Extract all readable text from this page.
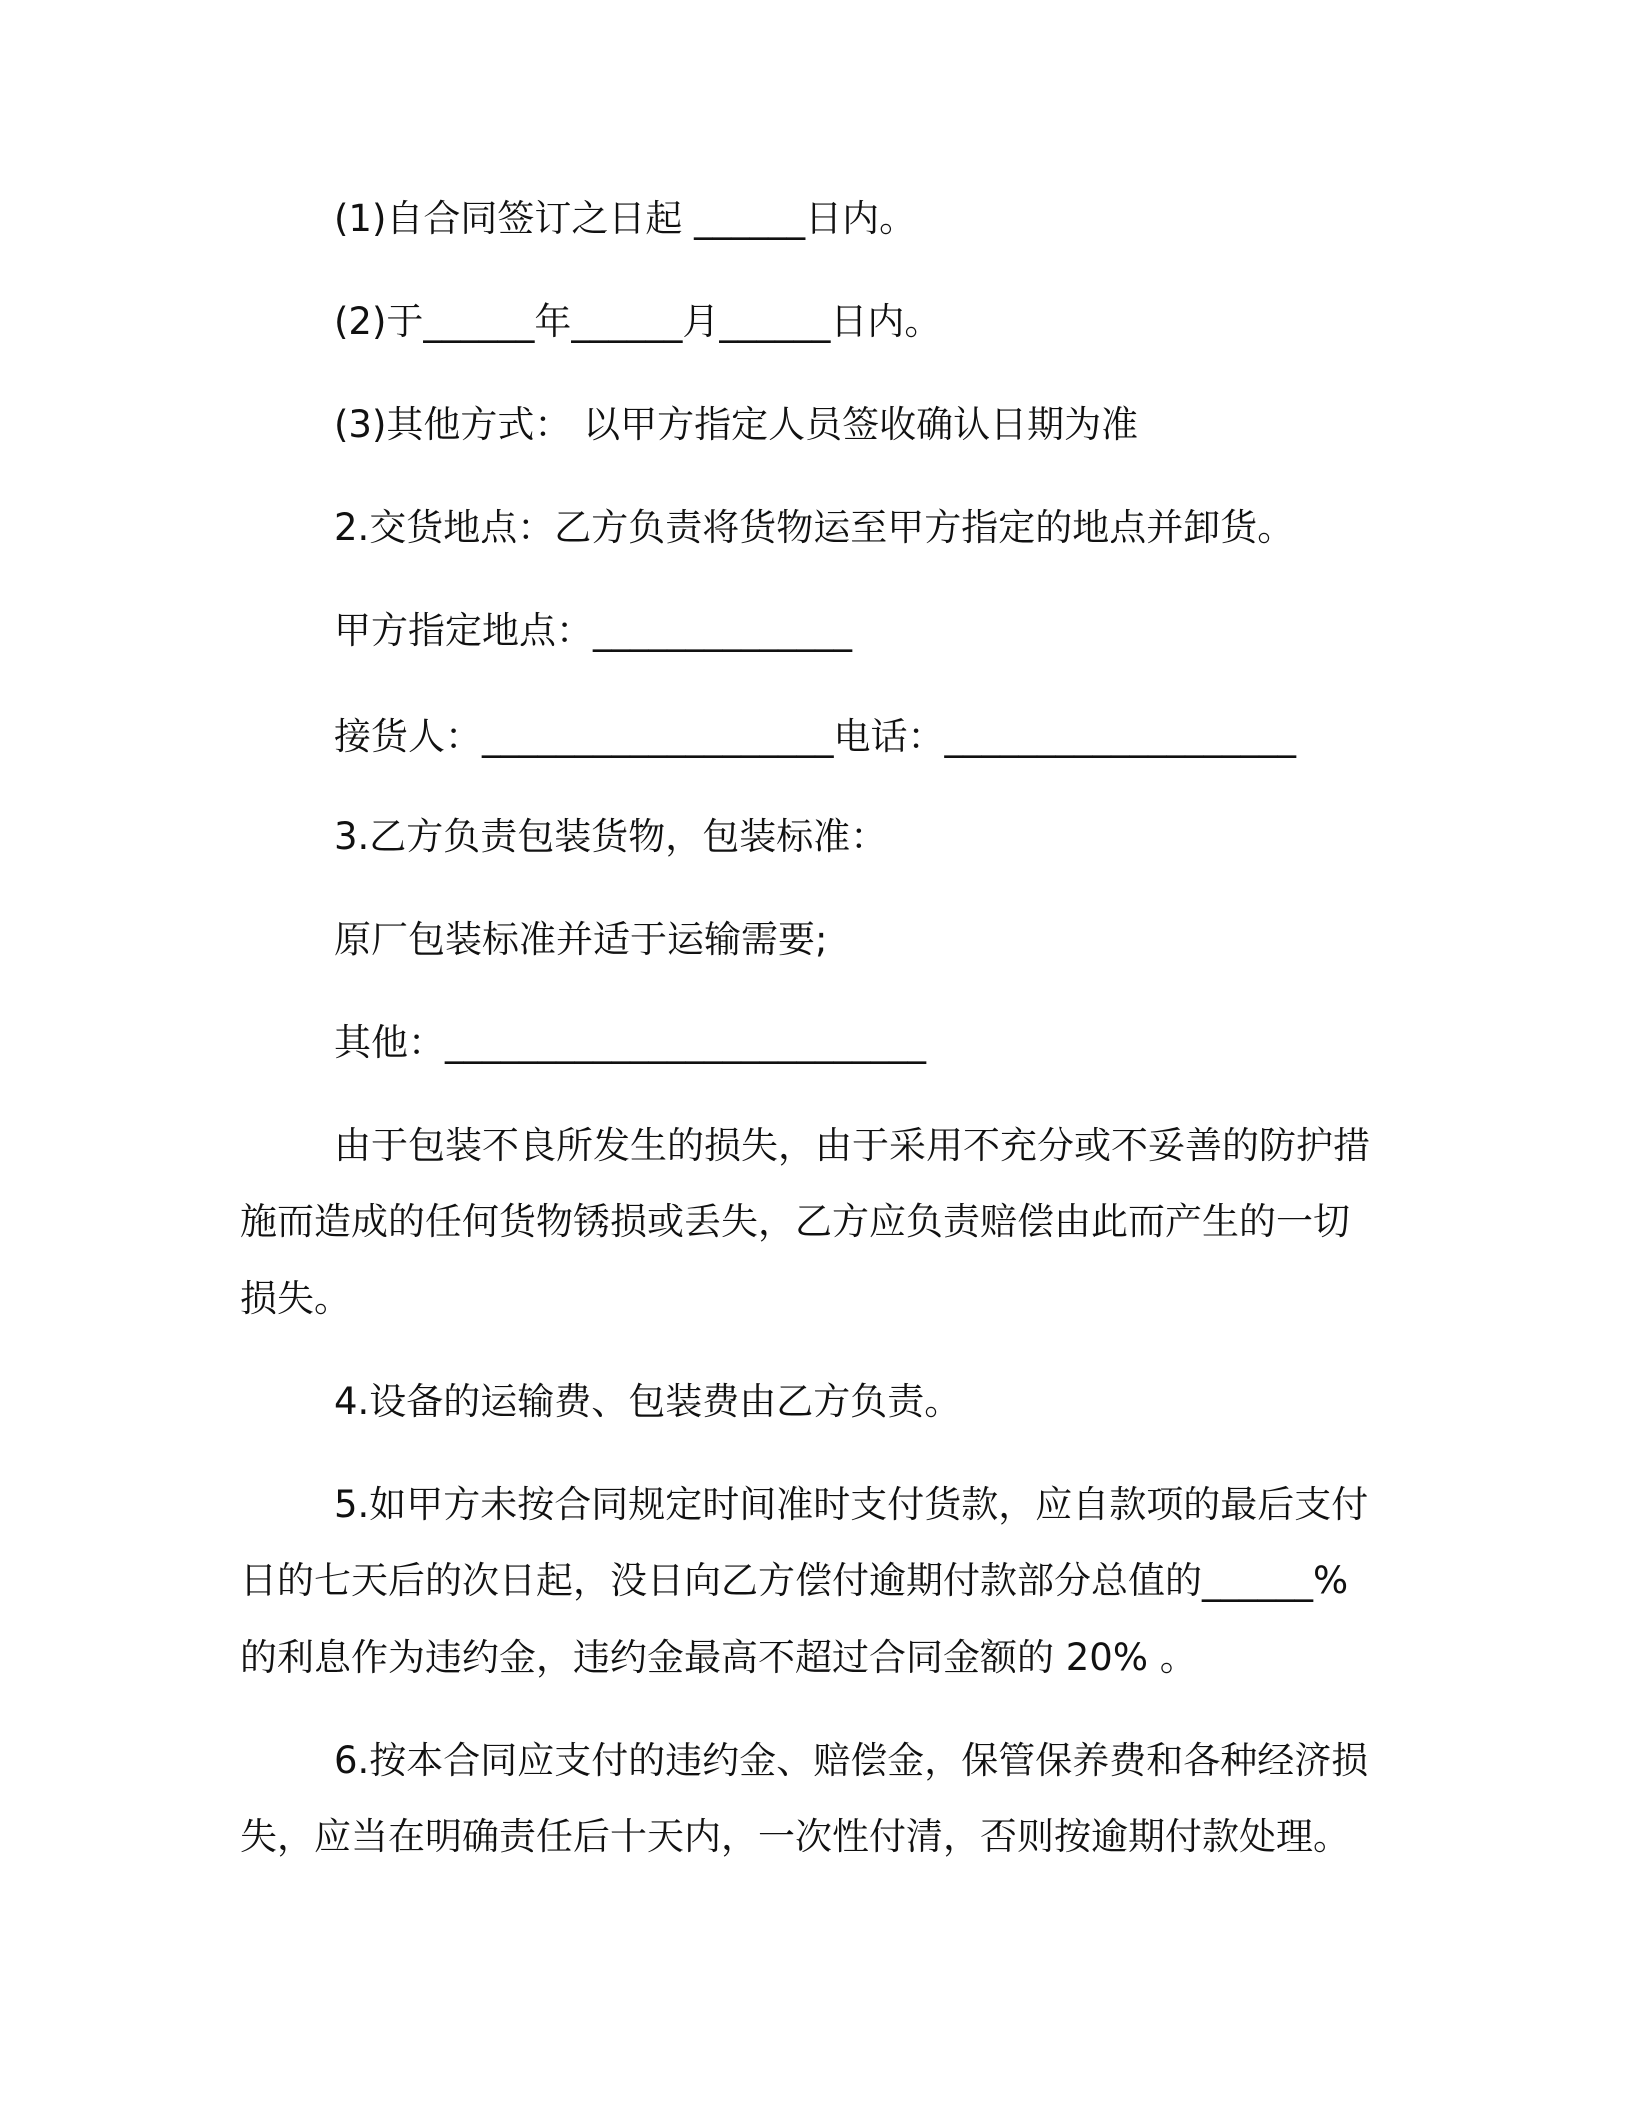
(1)自合同签订之日起 ______日内。
(2)于______年______月______日内。
(3)其他方式： 以甲方指定人员签收确认日期为准
2.交货地点：乙方负责将货物运至甲方指定的地点并卸货。
甲方指定地点：______________
接货人：___________________电话：___________________
3.乙方负责包装货物，包装标准：
原厂包装标准并适于运输需要;
其他：__________________________
由于包装不良所发生的损失，由于采用不充分或不妥善的防护措
施而造成的任何货物锈损或丢失，乙方应负责赔偿由此而产生的一切
损失。
4.设备的运输费、包装费由乙方负责。
5.如甲方未按合同规定时间准时支付货款，应自款项的最后支付
日的七天后的次日起，没日向乙方偿付逾期付款部分总值的______%
的利息作为违约金，违约金最高不超过合同金额的 20% 。
6.按本合同应支付的违约金、赔偿金，保管保养费和各种经济损
失，应当在明确责任后十天内，一次性付清，否则按逾期付款处理。
